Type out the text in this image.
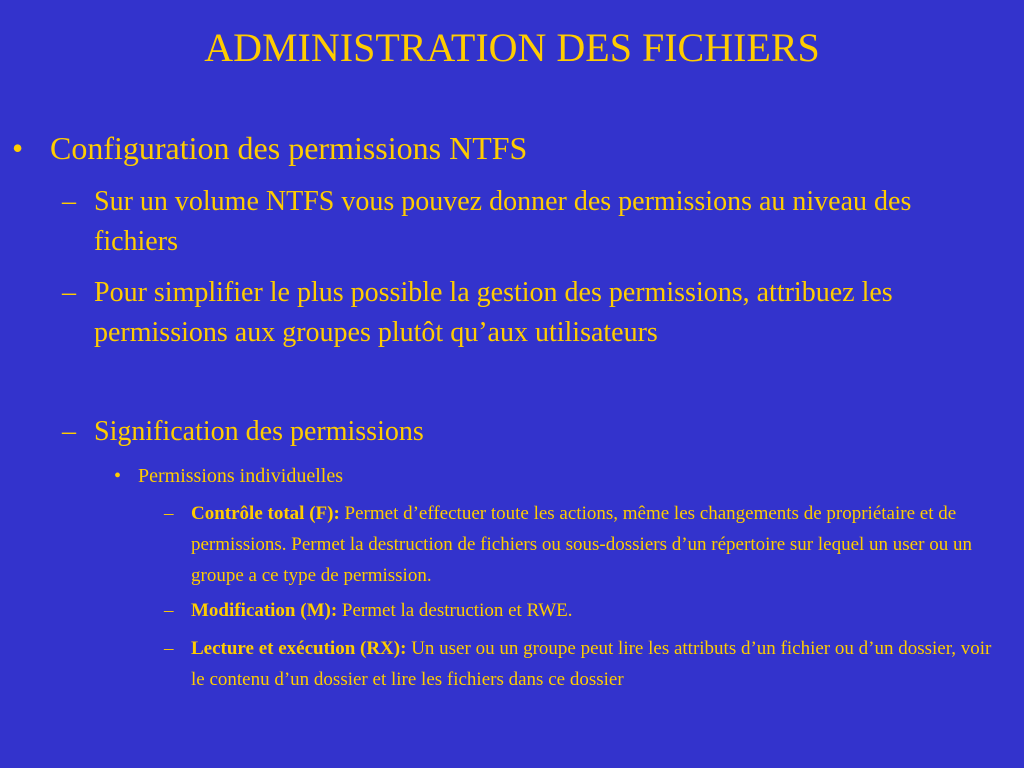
ADMINISTRATION DES FICHIERS
• Configuration des permissions NTFS
– Sur un volume NTFS vous pouvez donner des permissions au niveau des fichiers
– Pour simplifier le plus possible la gestion des permissions, attribuez les permissions aux groupes plutôt qu’aux utilisateurs
– Signification des permissions
• Permissions individuelles
– Contrôle total (F): Permet d’effectuer toute les actions, même les changements de propriétaire et de permissions. Permet la destruction de fichiers ou sous-dossiers d’un répertoire sur lequel un user ou un groupe a ce type de permission.
– Modification (M): Permet la destruction et RWE.
– Lecture et exécution (RX): Un user ou un groupe peut lire les attributs d’un fichier ou d’un dossier, voir le contenu d’un dossier et lire les fichiers dans ce dossier
